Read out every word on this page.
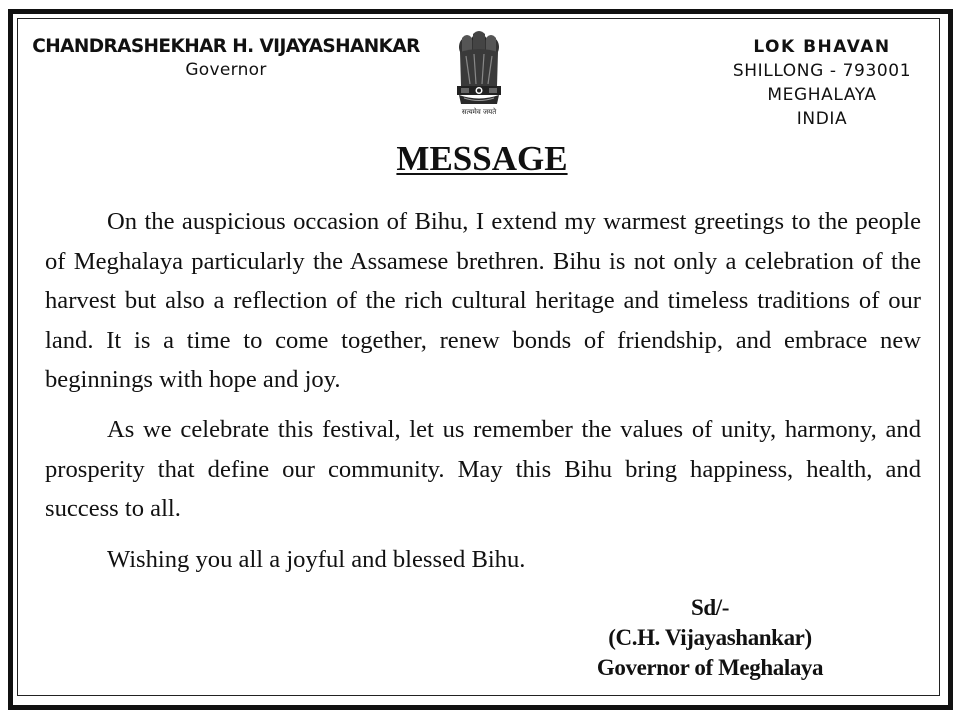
CHANDRASHEKHAR H. VIJAYASHANKAR
Governor
सत्यमेव जयते
LOK BHAVAN
SHILLONG - 793001
MEGHALAYA
INDIA
MESSAGE

On the auspicious occasion of Bihu, I extend my warmest greetings to the people of Meghalaya particularly the Assamese brethren. Bihu is not only a celebration of the harvest but also a reflection of the rich cultural heritage and timeless traditions of our land. It is a time to come together, renew bonds of friendship, and embrace new beginnings with hope and joy.

As we celebrate this festival, let us remember the values of unity, harmony, and prosperity that define our community. May this Bihu bring happiness, health, and success to all.

Wishing you all a joyful and blessed Bihu.

Sd/-
(C.H. Vijayashankar)
Governor of Meghalaya
